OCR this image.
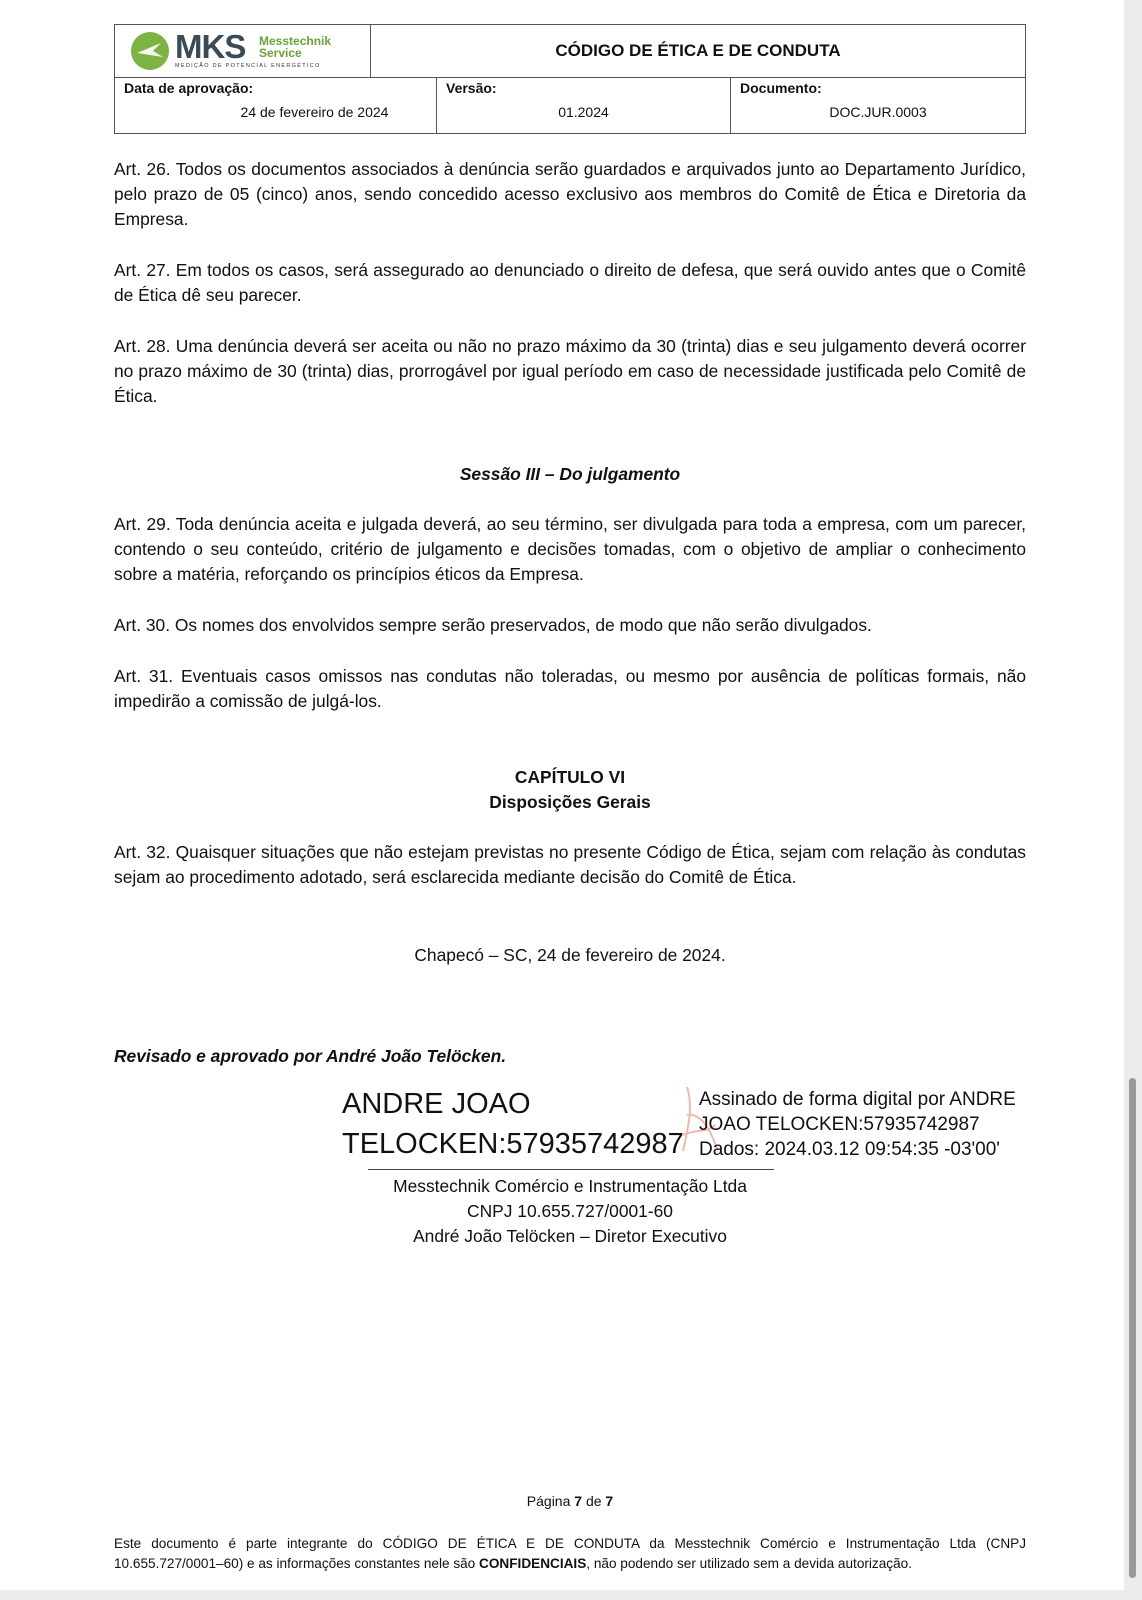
MKS Messtechnik
Service
MEDIÇÃO DE POTENCIAL ENERGÉTICO
CÓDIGO DE ÉTICA E DE CONDUTA
Data de aprovação:
24 de fevereiro de 2024
Versão:
01.2024
Documento:
DOC.JUR.0003
Art. 26. Todos os documentos associados à denúncia serão guardados e arquivados junto ao Departamento Jurídico, pelo prazo de 05 (cinco) anos, sendo concedido acesso exclusivo aos membros do Comitê de Ética e Diretoria da Empresa.
Art. 27. Em todos os casos, será assegurado ao denunciado o direito de defesa, que será ouvido antes que o Comitê de Ética dê seu parecer.
Art. 28. Uma denúncia deverá ser aceita ou não no prazo máximo da 30 (trinta) dias e seu julgamento deverá ocorrer no prazo máximo de 30 (trinta) dias, prorrogável por igual período em caso de necessidade justificada pelo Comitê de Ética.
Sessão III – Do julgamento
Art. 29. Toda denúncia aceita e julgada deverá, ao seu término, ser divulgada para toda a empresa, com um parecer, contendo o seu conteúdo, critério de julgamento e decisões tomadas, com o objetivo de ampliar o conhecimento sobre a matéria, reforçando os princípios éticos da Empresa.
Art. 30. Os nomes dos envolvidos sempre serão preservados, de modo que não serão divulgados.
Art. 31. Eventuais casos omissos nas condutas não toleradas, ou mesmo por ausência de políticas formais, não impedirão a comissão de julgá-los.
CAPÍTULO VI
Disposições Gerais
Art. 32. Quaisquer situações que não estejam previstas no presente Código de Ética, sejam com relação às condutas sejam ao procedimento adotado, será esclarecida mediante decisão do Comitê de Ética.
Chapecó – SC, 24 de fevereiro de 2024.
Revisado e aprovado por André João Telöcken.
ANDRE JOAO
TELOCKEN:57935742987
Assinado de forma digital por ANDRE
JOAO TELOCKEN:57935742987
Dados: 2024.03.12 09:54:35 -03'00'
Messtechnik Comércio e Instrumentação Ltda
CNPJ 10.655.727/0001-60
André João Telöcken – Diretor Executivo
Página 7 de 7
Este documento é parte integrante do CÓDIGO DE ÉTICA E DE CONDUTA da Messtechnik Comércio e Instrumentação Ltda (CNPJ 10.655.727/0001–60) e as informações constantes nele são CONFIDENCIAIS, não podendo ser utilizado sem a devida autorização.
